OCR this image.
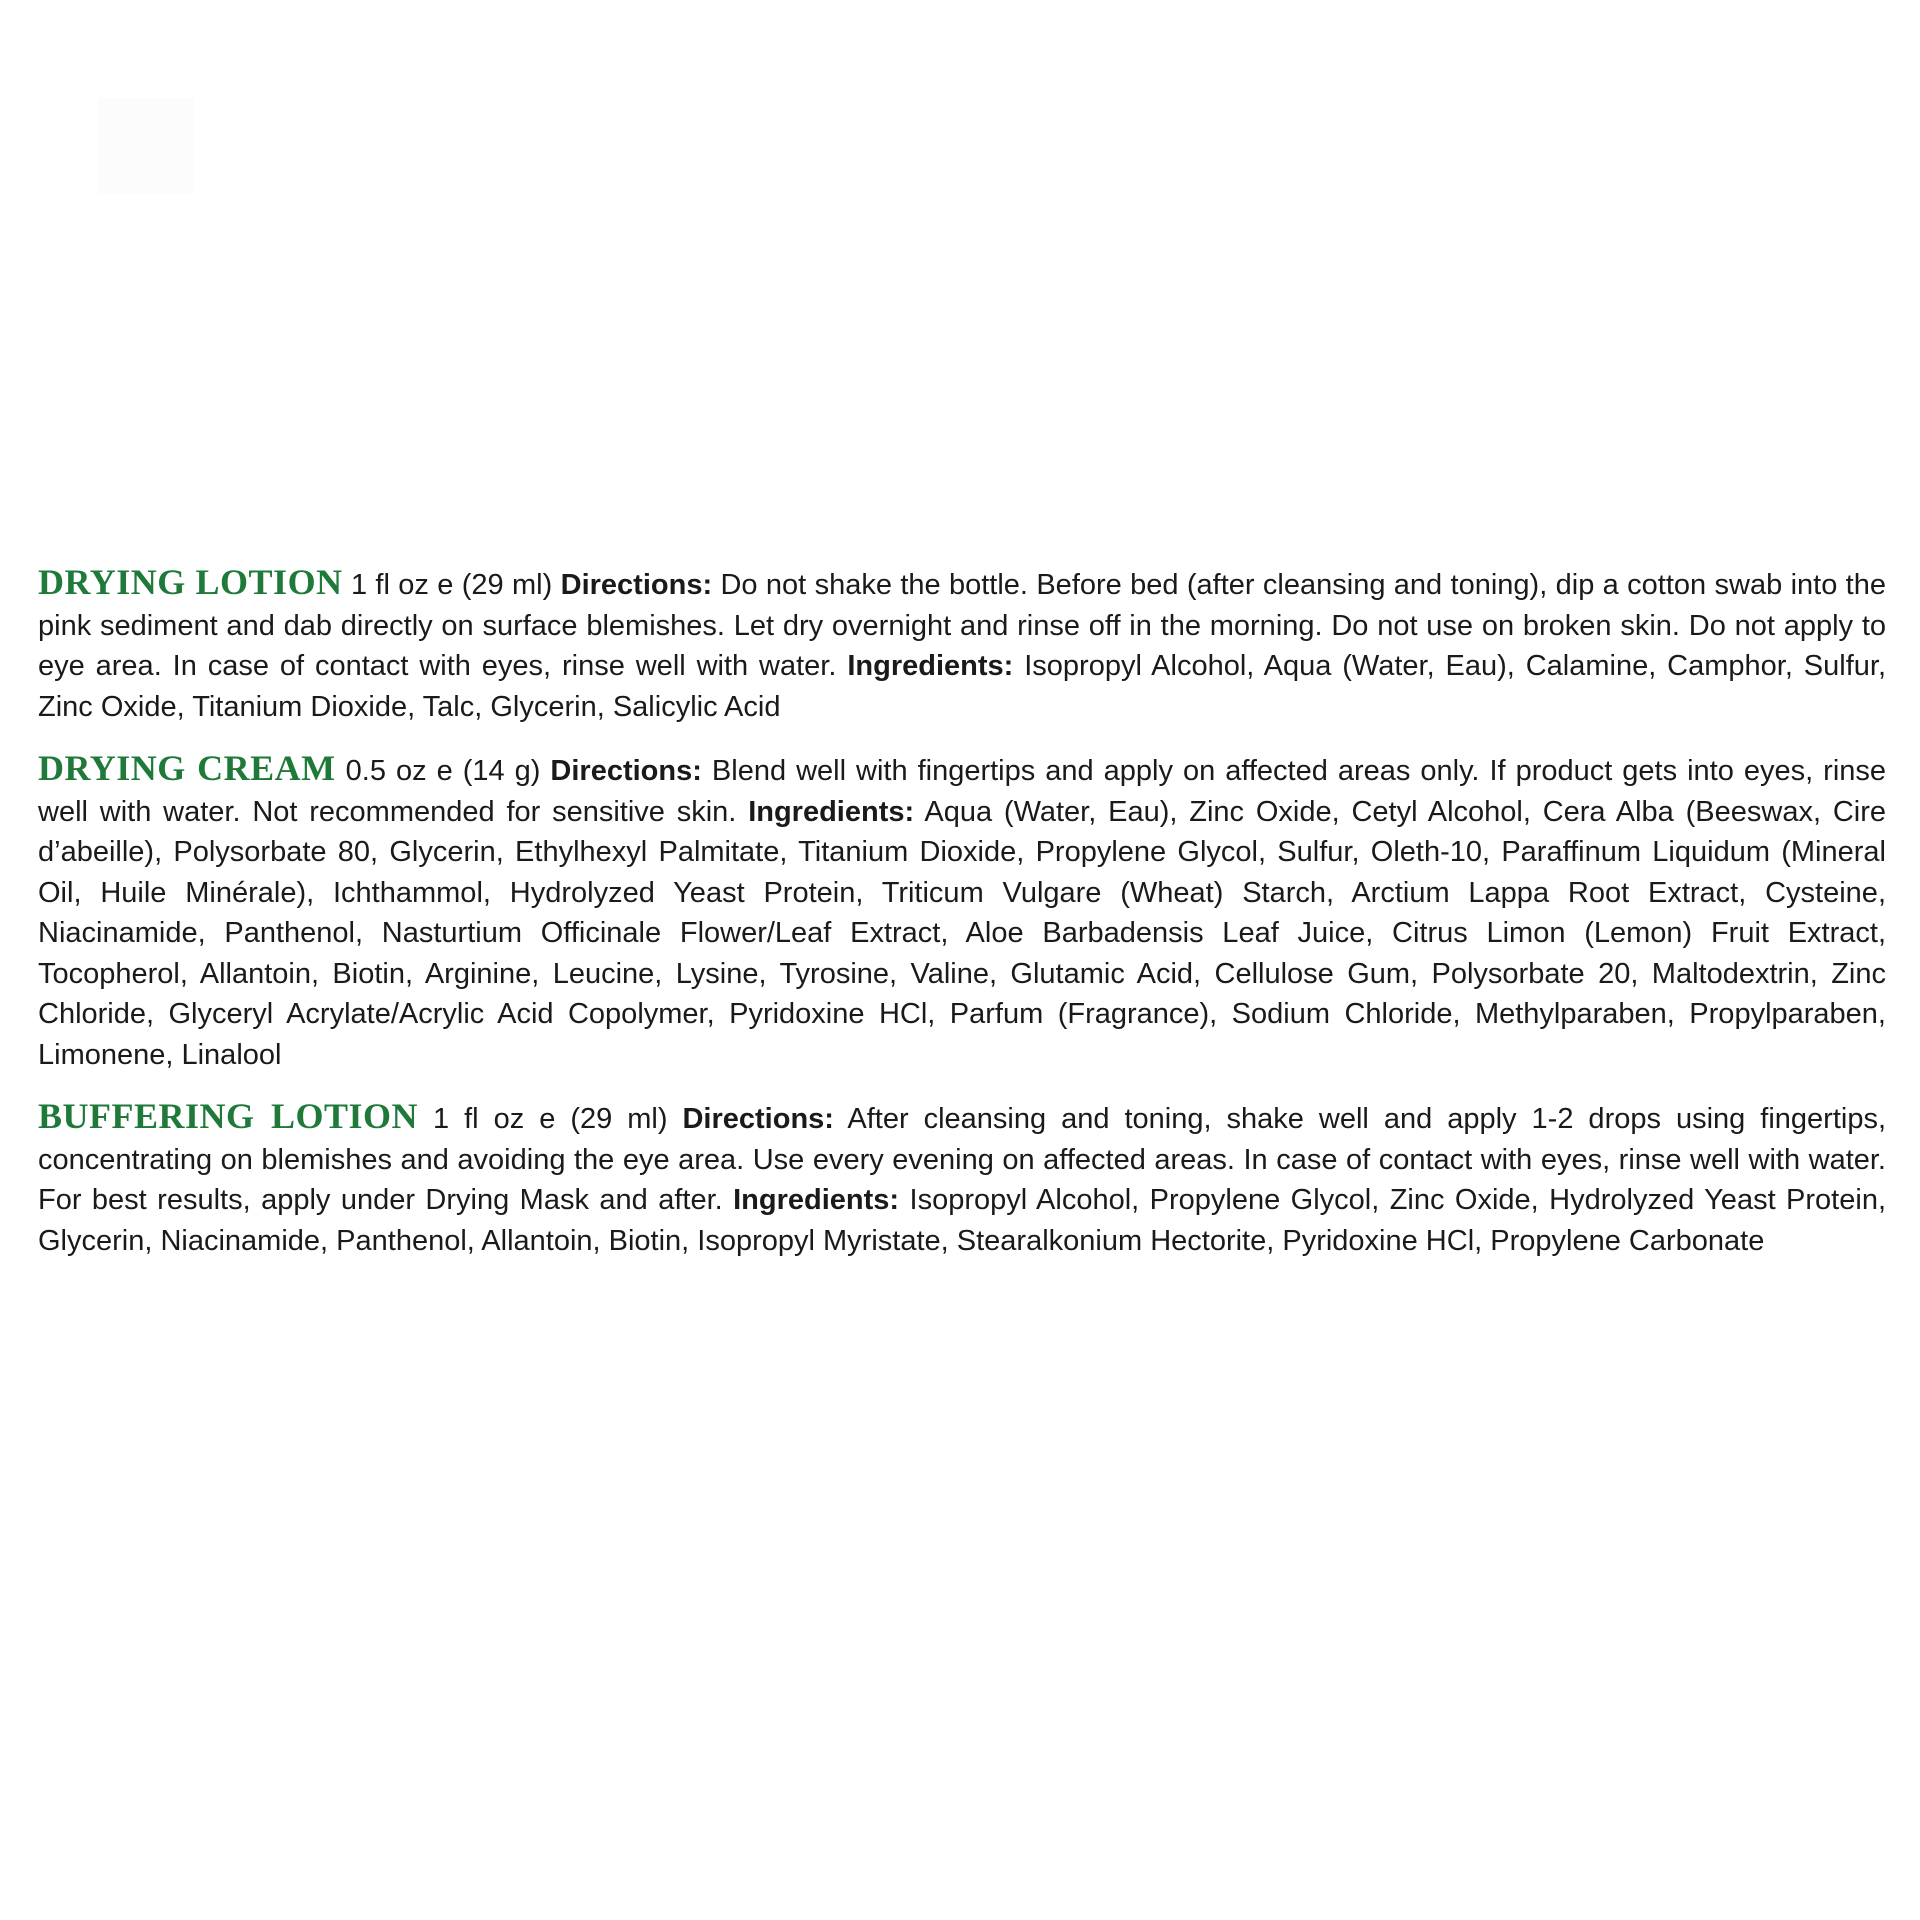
DRYING LOTION 1 fl oz e (29 ml) Directions: Do not shake the bottle. Before bed (after cleansing and toning), dip a cotton swab into the pink sediment and dab directly on surface blemishes. Let dry overnight and rinse off in the morning. Do not use on broken skin. Do not apply to eye area. In case of contact with eyes, rinse well with water. Ingredients: Isopropyl Alcohol, Aqua (Water, Eau), Calamine, Camphor, Sulfur, Zinc Oxide, Titanium Dioxide, Talc, Glycerin, Salicylic Acid

DRYING CREAM 0.5 oz e (14 g) Directions: Blend well with fingertips and apply on affected areas only. If product gets into eyes, rinse well with water. Not recommended for sensitive skin. Ingredients: Aqua (Water, Eau), Zinc Oxide, Cetyl Alcohol, Cera Alba (Beeswax, Cire d’abeille), Polysorbate 80, Glycerin, Ethylhexyl Palmitate, Titanium Dioxide, Propylene Glycol, Sulfur, Oleth-10, Paraffinum Liquidum (Mineral Oil, Huile Minérale), Ichthammol, Hydrolyzed Yeast Protein, Triticum Vulgare (Wheat) Starch, Arctium Lappa Root Extract, Cysteine, Niacinamide, Panthenol, Nasturtium Officinale Flower/Leaf Extract, Aloe Barbadensis Leaf Juice, Citrus Limon (Lemon) Fruit Extract, Tocopherol, Allantoin, Biotin, Arginine, Leucine, Lysine, Tyrosine, Valine, Glutamic Acid, Cellulose Gum, Polysorbate 20, Maltodextrin, Zinc Chloride, Glyceryl Acrylate/Acrylic Acid Copolymer, Pyridoxine HCl, Parfum (Fragrance), Sodium Chloride, Methylparaben, Propylparaben, Limonene, Linalool

BUFFERING LOTION 1 fl oz e (29 ml) Directions: After cleansing and toning, shake well and apply 1-2 drops using fingertips, concentrating on blemishes and avoiding the eye area. Use every evening on affected areas. In case of contact with eyes, rinse well with water. For best results, apply under Drying Mask and after. Ingredients: Isopropyl Alcohol, Propylene Glycol, Zinc Oxide, Hydrolyzed Yeast Protein, Glycerin, Niacinamide, Panthenol, Allantoin, Biotin, Isopropyl Myristate, Stearalkonium Hectorite, Pyridoxine HCl, Propylene Carbonate
